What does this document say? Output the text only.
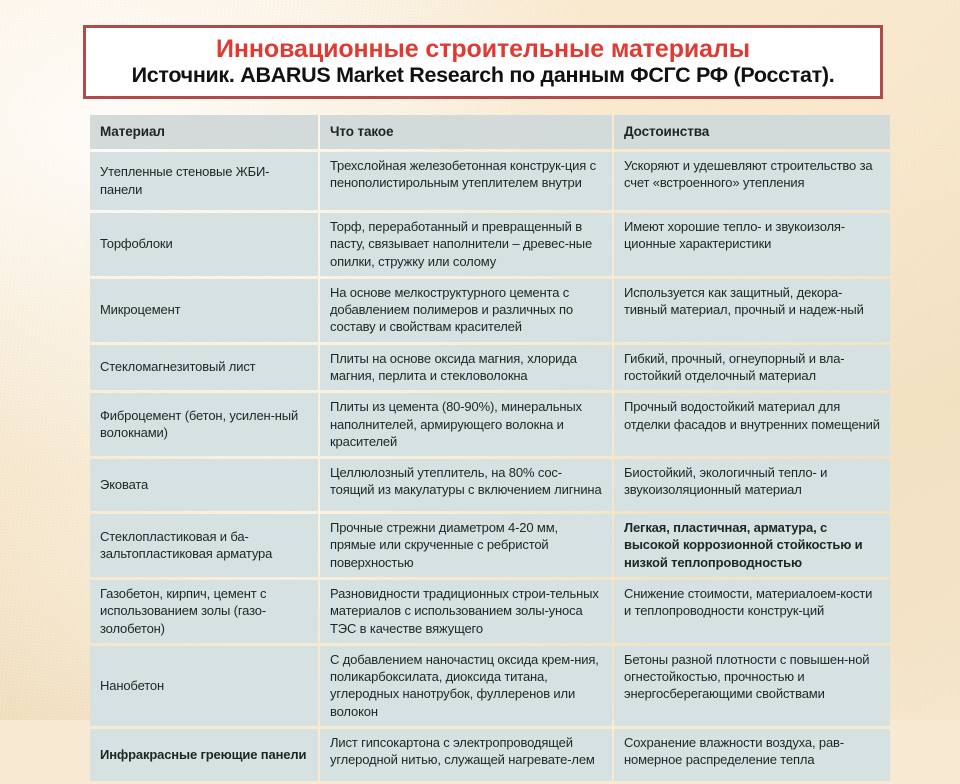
Инновационные строительные материалы
Источник. ABARUS Market Research по данным ФСГС РФ (Росстат).
Материал	Что такое	Достоинства
Утепленные стеновые ЖБИ-панели	Трехслойная железобетонная конструк-ция с пенополистирольным утеплителем внутри	Ускоряют и удешевляют строительство за счет «встроенного» утепления
Торфоблоки	Торф, переработанный и превращенный в пасту, связывает наполнители – древес-ные опилки, стружку или солому	Имеют хорошие тепло- и звукоизоля-ционные характеристики
Микроцемент	На основе мелкоструктурного цемента с добавлением полимеров и различных по составу и свойствам красителей	Используется как защитный, декора-тивный материал, прочный и надеж-ный
Стекломагнезитовый лист	Плиты на основе оксида магния, хлорида магния, перлита и стекловолокна	Гибкий, прочный, огнеупорный и вла-гостойкий отделочный материал
Фиброцемент (бетон, усилен-ный волокнами)	Плиты из цемента (80-90%), минеральных наполнителей, армирующего волокна и красителей	Прочный водостойкий материал для отделки фасадов и внутренних помещений
Эковата	Целлюлозный утеплитель, на 80% сос-тоящий из макулатуры с включением лигнина	Биостойкий, экологичный тепло- и звукоизоляционный материал
Стеклопластиковая и ба-зальтопластиковая арматура	Прочные стрежни диаметром 4-20 мм, прямые или скрученные с ребристой поверхностью	Легкая, пластичная, арматура, с высокой коррозионной стойкостью и низкой теплопроводностью
Газобетон, кирпич, цемент с использованием золы (газо-золобетон)	Разновидности традиционных строи-тельных материалов с использованием золы-уноса ТЭС в качестве вяжущего	Снижение стоимости, материалоем-кости и теплопроводности конструк-ций
Нанобетон	С добавлением наночастиц оксида крем-ния, поликарбоксилата, диоксида титана, углеродных нанотрубок, фуллеренов или волокон	Бетоны разной плотности с повышен-ной огнестойкостью, прочностью и энергосберегающими свойствами
Инфракрасные греющие панели	Лист гипсокартона с электропроводящей углеродной нитью, служащей нагревате-лем	Сохранение влажности воздуха, рав-номерное распределение тепла
